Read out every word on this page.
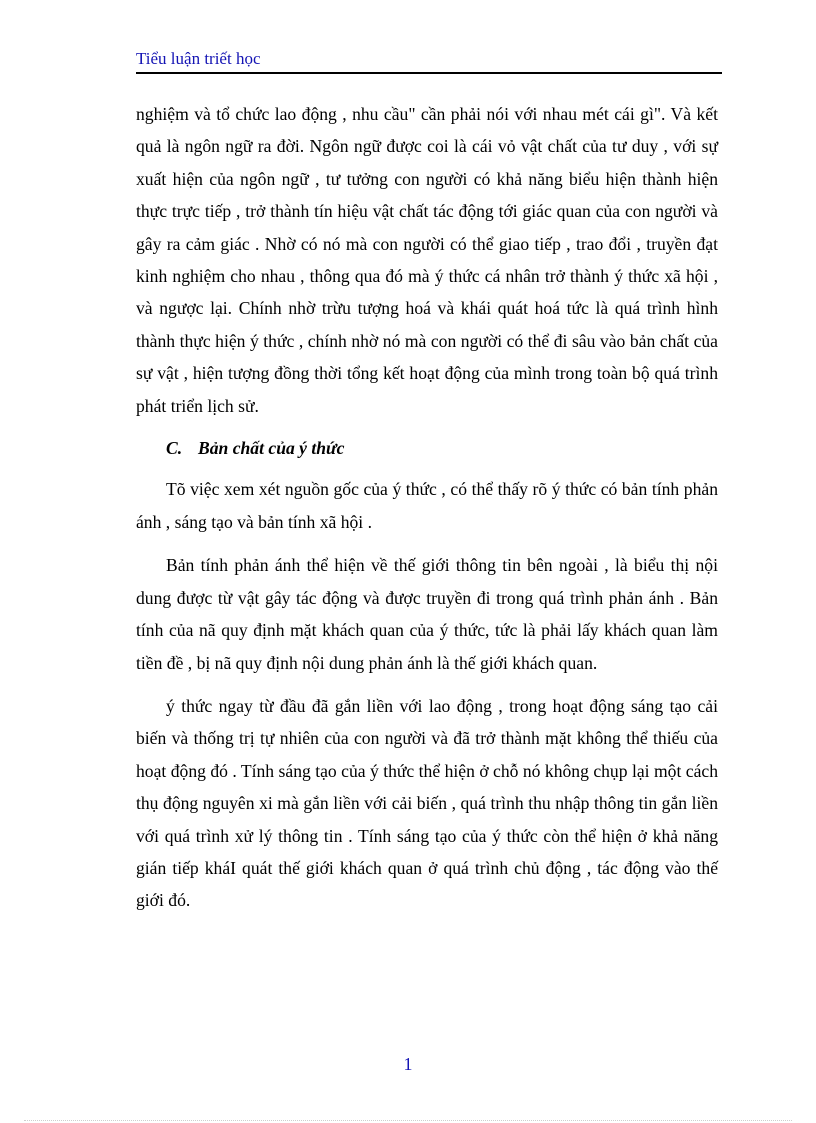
Tiểu luận triết học

nghiệm và tổ chức lao động , nhu cầu" cần phải nói với nhau mét cái gì". Và kết quả là ngôn ngữ ra đời. Ngôn ngữ được coi là cái vỏ vật chất của tư duy , với sự xuất hiện của ngôn ngữ , tư tưởng con người có khả năng biểu hiện thành hiện thực trực tiếp , trở thành tín hiệu vật chất tác động tới giác quan của con người và gây ra cảm giác . Nhờ có nó mà con người có thể giao tiếp , trao đổi , truyền đạt kinh nghiệm cho nhau , thông qua đó mà ý thức cá nhân trở thành ý thức xã hội , và ngược lại. Chính nhờ trừu tượng hoá và khái quát hoá tức là quá trình hình thành thực hiện ý thức , chính nhờ nó mà con người có thể đi sâu vào bản chất của sự vật , hiện tượng đồng thời tổng kết hoạt động của mình trong toàn bộ quá trình phát triển lịch sử.

C. Bản chất của ý thức

Tõ việc xem xét nguồn gốc của ý thức , có thể thấy rõ ý thức có bản tính phản ánh , sáng tạo và bản tính xã hội .

Bản tính phản ánh thể hiện về thế giới thông tin bên ngoài , là biểu thị nội dung được từ vật gây tác động và được truyền đi trong quá trình phản ánh . Bản tính của nã quy định mặt khách quan của ý thức, tức là phải lấy khách quan làm tiền đề , bị nã quy định nội dung phản ánh là thế giới khách quan.

ý thức ngay từ đầu đã gắn liền với lao động , trong hoạt động sáng tạo cải biến và thống trị tự nhiên của con người và đã trở thành mặt không thể thiếu của hoạt động đó . Tính sáng tạo của ý thức thể hiện ở chỗ nó không chụp lại một cách thụ động nguyên xi mà gắn liền với cải biến , quá trình thu nhập thông tin gắn liền với quá trình xử lý thông tin . Tính sáng tạo của ý thức còn thể hiện ở khả năng gián tiếp kháI quát thế giới khách quan ở quá trình chủ động , tác động vào thế giới đó.

1
